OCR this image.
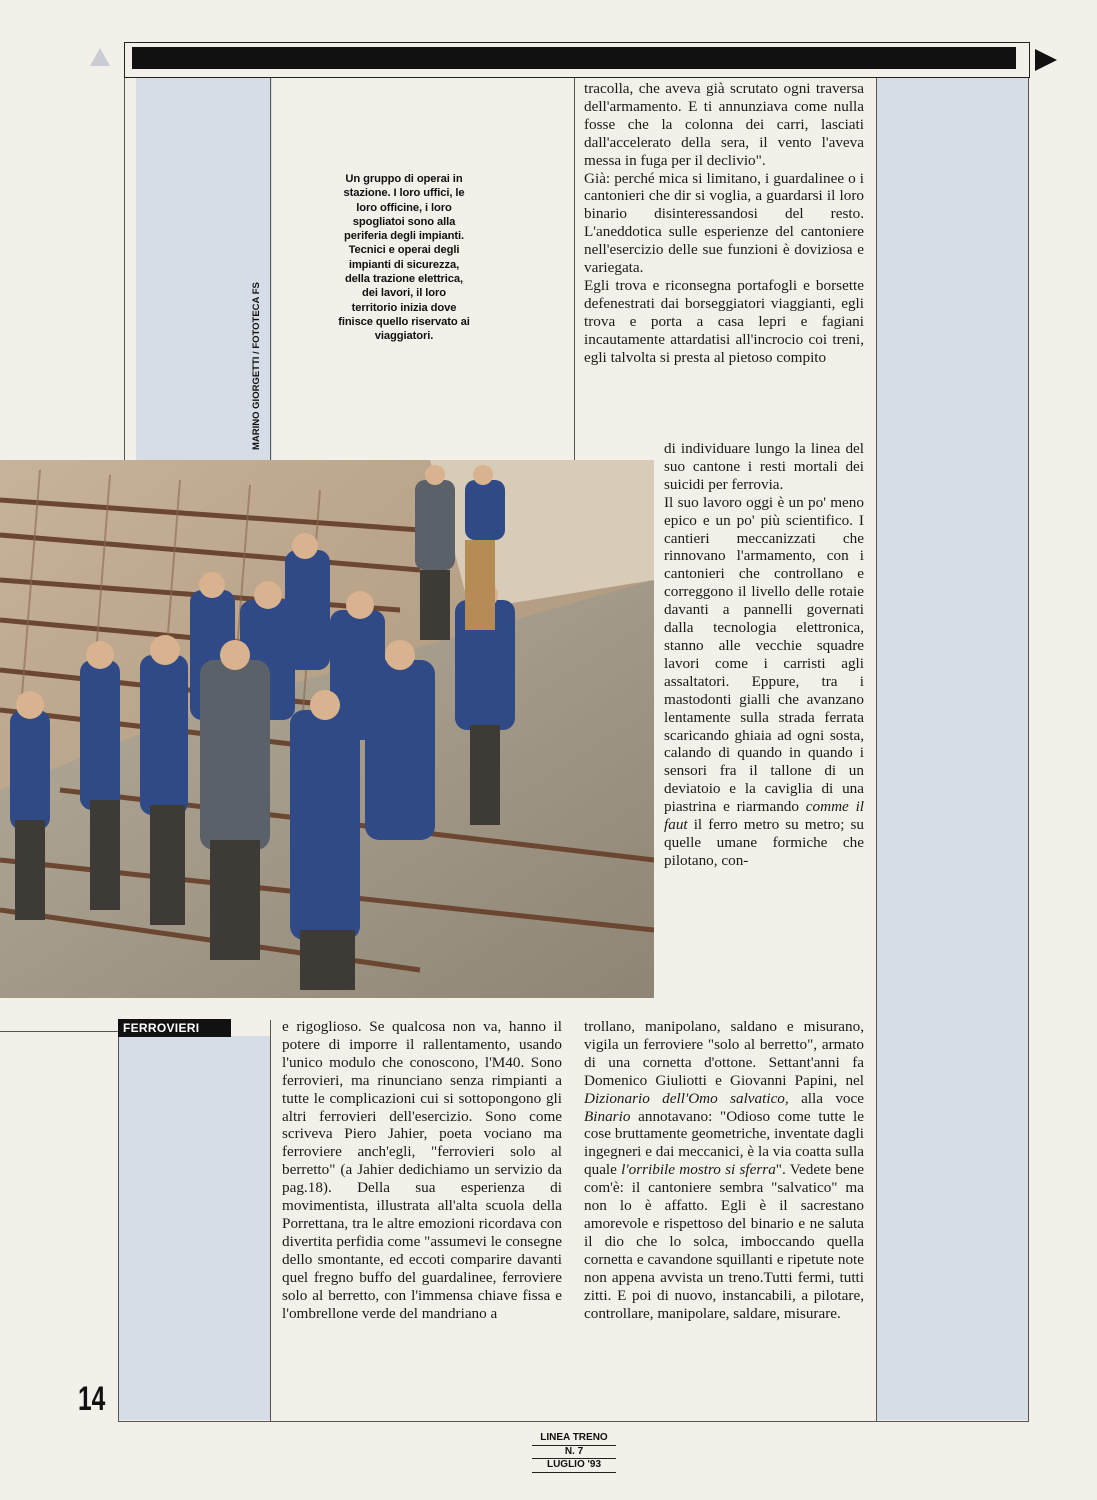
Un gruppo di operai in stazione. I loro uffici, le loro officine, i loro spogliatoi sono alla periferia degli impianti. Tecnici e operai degli impianti di sicurezza, della trazione elettrica, dei lavori, il loro territorio inizia dove finisce quello riservato ai viaggiatori.
MARINO GIORGETTI / FOTOTECA FS

tracolla, che aveva già scrutato ogni traversa dell'armamento. E ti annunziava come nulla fosse che la colonna dei carri, lasciati dall'accelerato della sera, il vento l'aveva messa in fuga per il declivio".

Già: perché mica si limitano, i guardalinee o i cantonieri che dir si voglia, a guardarsi il loro binario disinteressandosi del resto. L'aneddotica sulle esperienze del cantoniere nell'esercizio delle sue funzioni è doviziosa e variegata.

Egli trova e riconsegna portafogli e borsette defenestrati dai borseggiatori viaggianti, egli trova e porta a casa lepri e fagiani incautamente attardatisi all'incrocio coi treni, egli talvolta si presta al pietoso compito

di individuare lungo la linea del suo cantone i resti mortali dei suicidi per ferrovia.

Il suo lavoro oggi è un po' meno epico e un po' più scientifico. I cantieri meccanizzati che rinnovano l'armamento, con i cantonieri che controllano e correggono il livello delle rotaie davanti a pannelli governati dalla tecnologia elettronica, stanno alle vecchie squadre lavori come i carristi agli assaltatori. Eppure, tra i mastodonti gialli che avanzano lentamente sulla strada ferrata scaricando ghiaia ad ogni sosta, calando di quando in quando i sensori fra il tallone di un deviatoio e la caviglia di una piastrina e riarmando comme il faut il ferro metro su metro; su quelle umane formiche che pilotano, con-

trollano, manipolano, saldano e misurano, vigila un ferroviere "solo al berretto", armato di una cornetta d'ottone. Settant'anni fa Domenico Giuliotti e Giovanni Papini, nel Dizionario dell'Omo salvatico, alla voce Binario annotavano: "Odioso come tutte le cose bruttamente geometriche, inventate dagli ingegneri e dai meccanici, è la via coatta sulla quale l'orribile mostro si sferra". Vedete bene com'è: il cantoniere sembra "salvatico" ma non lo è affatto. Egli è il sacrestano amorevole e rispettoso del binario e ne saluta il dio che lo solca, imboccando quella cornetta e cavandone squillanti e ripetute note non appena avvista un treno.Tutti fermi, tutti zitti. E poi di nuovo, instancabili, a pilotare, controllare, manipolare, saldare, misurare.

e rigoglioso. Se qualcosa non va, hanno il potere di imporre il rallentamento, usando l'unico modulo che conoscono, l'M40. Sono ferrovieri, ma rinunciano senza rimpianti a tutte le complicazioni cui si sottopongono gli altri ferrovieri dell'esercizio. Sono come scriveva Piero Jahier, poeta vociano ma ferroviere anch'egli, "ferrovieri solo al berretto" (a Jahier dedichiamo un servizio da pag.18). Della sua esperienza di movimentista, illustrata all'alta scuola della Porrettana, tra le altre emozioni ricordava con divertita perfidia come "assumevi le consegne dello smontante, ed eccoti comparire davanti quel fregno buffo del guardalinee, ferroviere solo al berretto, con l'immensa chiave fissa e l'ombrellone verde del mandriano a

FERROVIERI
14
LINEA TRENO
N. 7
LUGLIO '93
